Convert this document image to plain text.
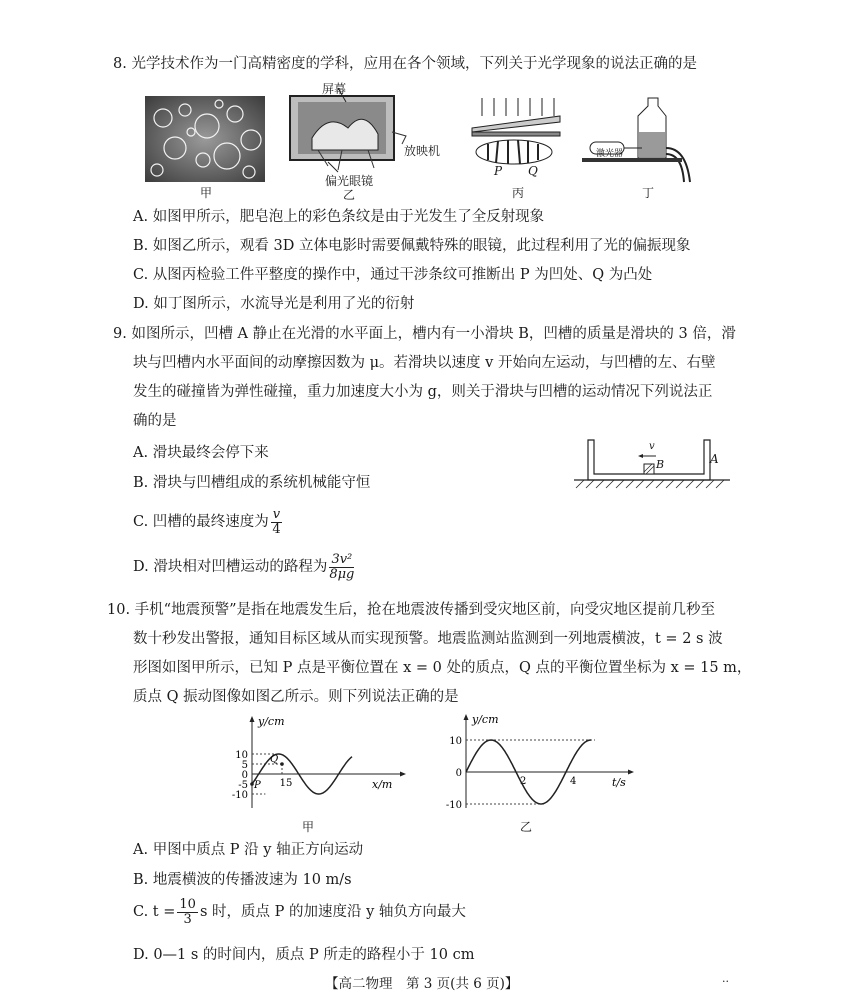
8. 光学技术作为一门高精密度的学科，应用在各个领域，下列关于光学现象的说法正确的是
甲
屏幕
放映机
偏光眼镜
乙
P Q
丙
激光器
丁
A. 如图甲所示，肥皂泡上的彩色条纹是由于光发生了全反射现象
B. 如图乙所示，观看 3D 立体电影时需要佩戴特殊的眼镜，此过程利用了光的偏振现象
C. 从图丙检验工件平整度的操作中，通过干涉条纹可推断出 P 为凹处、Q 为凸处
D. 如丁图所示，水流导光是利用了光的衍射
9. 如图所示，凹槽 A 静止在光滑的水平面上，槽内有一小滑块 B，凹槽的质量是滑块的 3 倍，滑
块与凹槽内水平面间的动摩擦因数为 μ。若滑块以速度 v 开始向左运动，与凹槽的左、右壁
发生的碰撞皆为弹性碰撞，重力加速度大小为 g，则关于滑块与凹槽的运动情况下列说法正
确的是
A. 滑块最终会停下来
B. 滑块与凹槽组成的系统机械能守恒
C. 凹槽的最终速度为 $\frac{v}{4}$
D. 滑块相对凹槽运动的路程为 $\frac{\text{3v²}}{8\mu g}$
v
B	A
10. 手机“地震预警”是指在地震发生后，抢在地震波传播到受灾地区前，向受灾地区提前几秒至
数十秒发出警报，通知目标区域从而实现预警。地震监测站监测到一列地震横波，t = 2 s 波
形图如图甲所示，已知 P 点是平衡位置在 x = 0 处的质点，Q 点的平衡位置坐标为 x = 15 m，
质点 Q 振动图像如图乙所示。则下列说法正确的是
10
5
0
-5
-10
15
y/cm
x/m
P
Q
甲
10
0
-10
2	4
y/cm
t/s
乙
A. 甲图中质点 P 沿 y 轴正方向运动
B. 地震横波的传播波速为 10 m/s
C. $t = \frac{10}{3}$ s 时，质点 P 的加速度沿 y 轴负方向最大
D. 0—1 s 的时间内，质点 P 所走的路程小于 10 cm
【高二物理　第 3 页(共 6 页)】	..
